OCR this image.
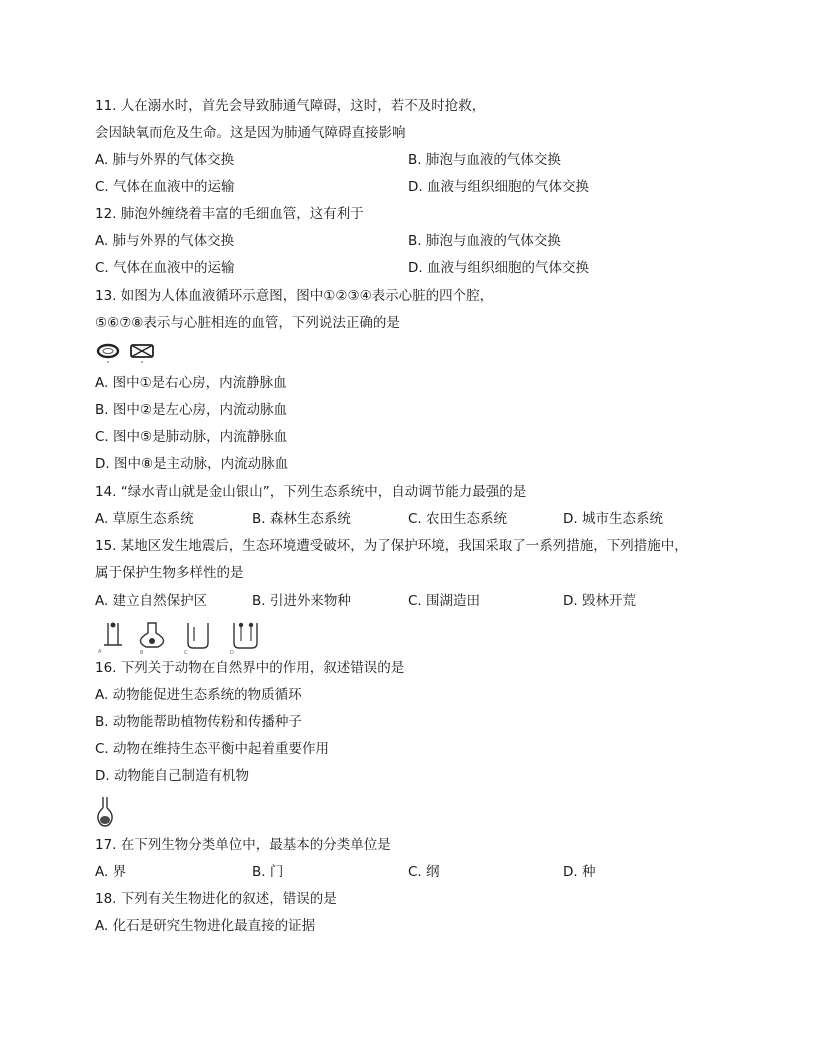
11. 人在溺水时，首先会导致肺通气障碍，这时，若不及时抢救，
会因缺氧而危及生命。这是因为肺通气障碍直接影响
A. 肺与外界的气体交换	B. 肺泡与血液的气体交换
C. 气体在血液中的运输	D. 血液与组织细胞的气体交换
12. 肺泡外缠绕着丰富的毛细血管，这有利于
A. 肺与外界的气体交换	B. 肺泡与血液的气体交换
C. 气体在血液中的运输	D. 血液与组织细胞的气体交换
13. 如图为人体血液循环示意图，图中①②③④表示心脏的四个腔，
⑤⑥⑦⑧表示与心脏相连的血管，下列说法正确的是
A. 图中①是右心房，内流静脉血
B. 图中②是左心房，内流动脉血
C. 图中⑤是肺动脉，内流静脉血
D. 图中⑧是主动脉，内流动脉血
14. “绿水青山就是金山银山”，下列生态系统中，自动调节能力最强的是
A. 草原生态系统	B. 森林生态系统	C. 农田生态系统	D. 城市生态系统
15. 某地区发生地震后，生态环境遭受破坏，为了保护环境，我国采取了一系列措施，下列措施中，
属于保护生物多样性的是
A. 建立自然保护区	B. 引进外来物种	C. 围湖造田	D. 毁林开荒
A	B	C	D
16. 下列关于动物在自然界中的作用，叙述错误的是
A. 动物能促进生态系统的物质循环
B. 动物能帮助植物传粉和传播种子
C. 动物在维持生态平衡中起着重要作用
D. 动物能自己制造有机物
17. 在下列生物分类单位中，最基本的分类单位是
A. 界	B. 门	C. 纲	D. 种
18. 下列有关生物进化的叙述，错误的是
A. 化石是研究生物进化最直接的证据
